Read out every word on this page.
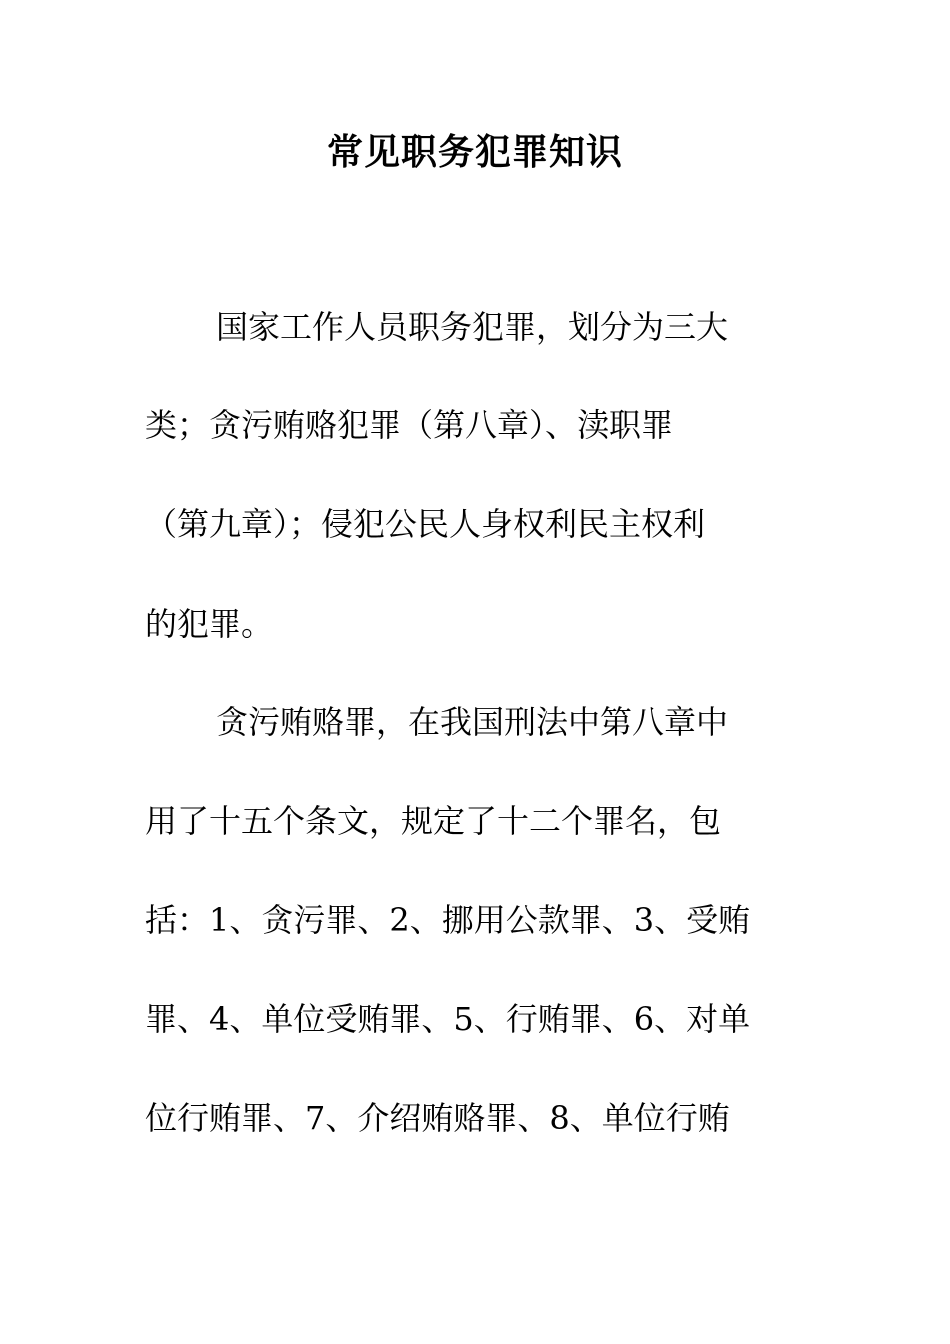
常见职务犯罪知识

国家工作人员职务犯罪，划分为三大

类；贪污贿赂犯罪（第八章）、渎职罪

（第九章）；侵犯公民人身权利民主权利

的犯罪。

贪污贿赂罪，在我国刑法中第八章中

用了十五个条文，规定了十二个罪名，包

括：1、贪污罪、2、挪用公款罪、3、受贿

罪、4、单位受贿罪、5、行贿罪、6、对单

位行贿罪、7、介绍贿赂罪、8、单位行贿
